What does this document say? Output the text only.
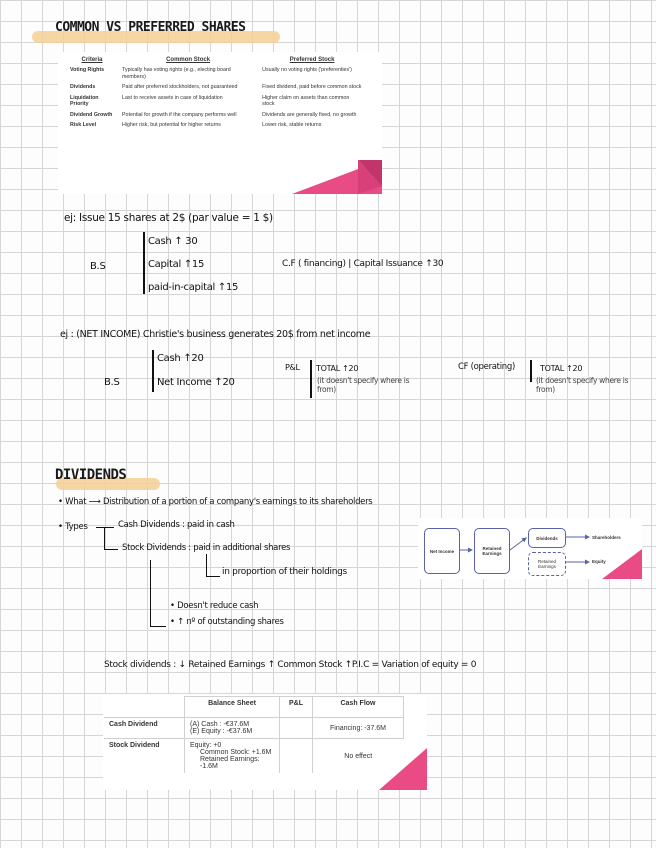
COMMON VS PREFERRED SHARES
Criteria	Common Stock	Preferred Stock
Voting Rights	Typically has voting rights (e.g., electing board members)	Usually no voting rights ('preferenties')
Dividends	Paid after preferred stockholders, not guaranteed	Fixed dividend, paid before common stock
Liquidation Priority	Last to receive assets in case of liquidation	Higher claim on assets than common stock
Dividend Growth	Potential for growth if the company performs well	Dividends are generally fixed, no growth
Risk Level	Higher risk, but potential for higher returns	Lower risk, stable returns
ej: Issue 15 shares at 2$ (par value = 1 $)
B.S
Cash ↑ 30
Capital ↑15
paid-in-capital ↑15
C.F ( financing) | Capital Issuance ↑30
ej : (NET INCOME) Christie's business generates 20$ from net income
B.S
Cash ↑20
Net Income ↑20
P&L TOTAL ↑20
(it doesn't specify where is from)
CF (operating)	TOTAL ↑20
(it doesn't specify where is from)
DIVIDENDS
• What ⟶ Distribution of a portion of a company's earnings to its shareholders
• Types	Cash Dividends : paid in cash
Stock Dividends : paid in additional shares
in proportion of their holdings
• Doesn't reduce cash
• ↑ nº of outstanding shares
Stock dividends : ↓ Retained Earnings ↑ Common Stock ↑P.I.C = Variation of equity = 0
Net Income	Retained Earnings
Dividends
Retained Earnings
Shareholders
Equity
	Balance Sheet	P&L	Cash Flow
Cash Dividend	(A) Cash : -€37.6M
(E) Equity : -€37.6M		Financing: -37.6M
Stock Dividend	Equity: +0
Common Stock: +1.6M
Retained Earnings: -1.6M		No effect
